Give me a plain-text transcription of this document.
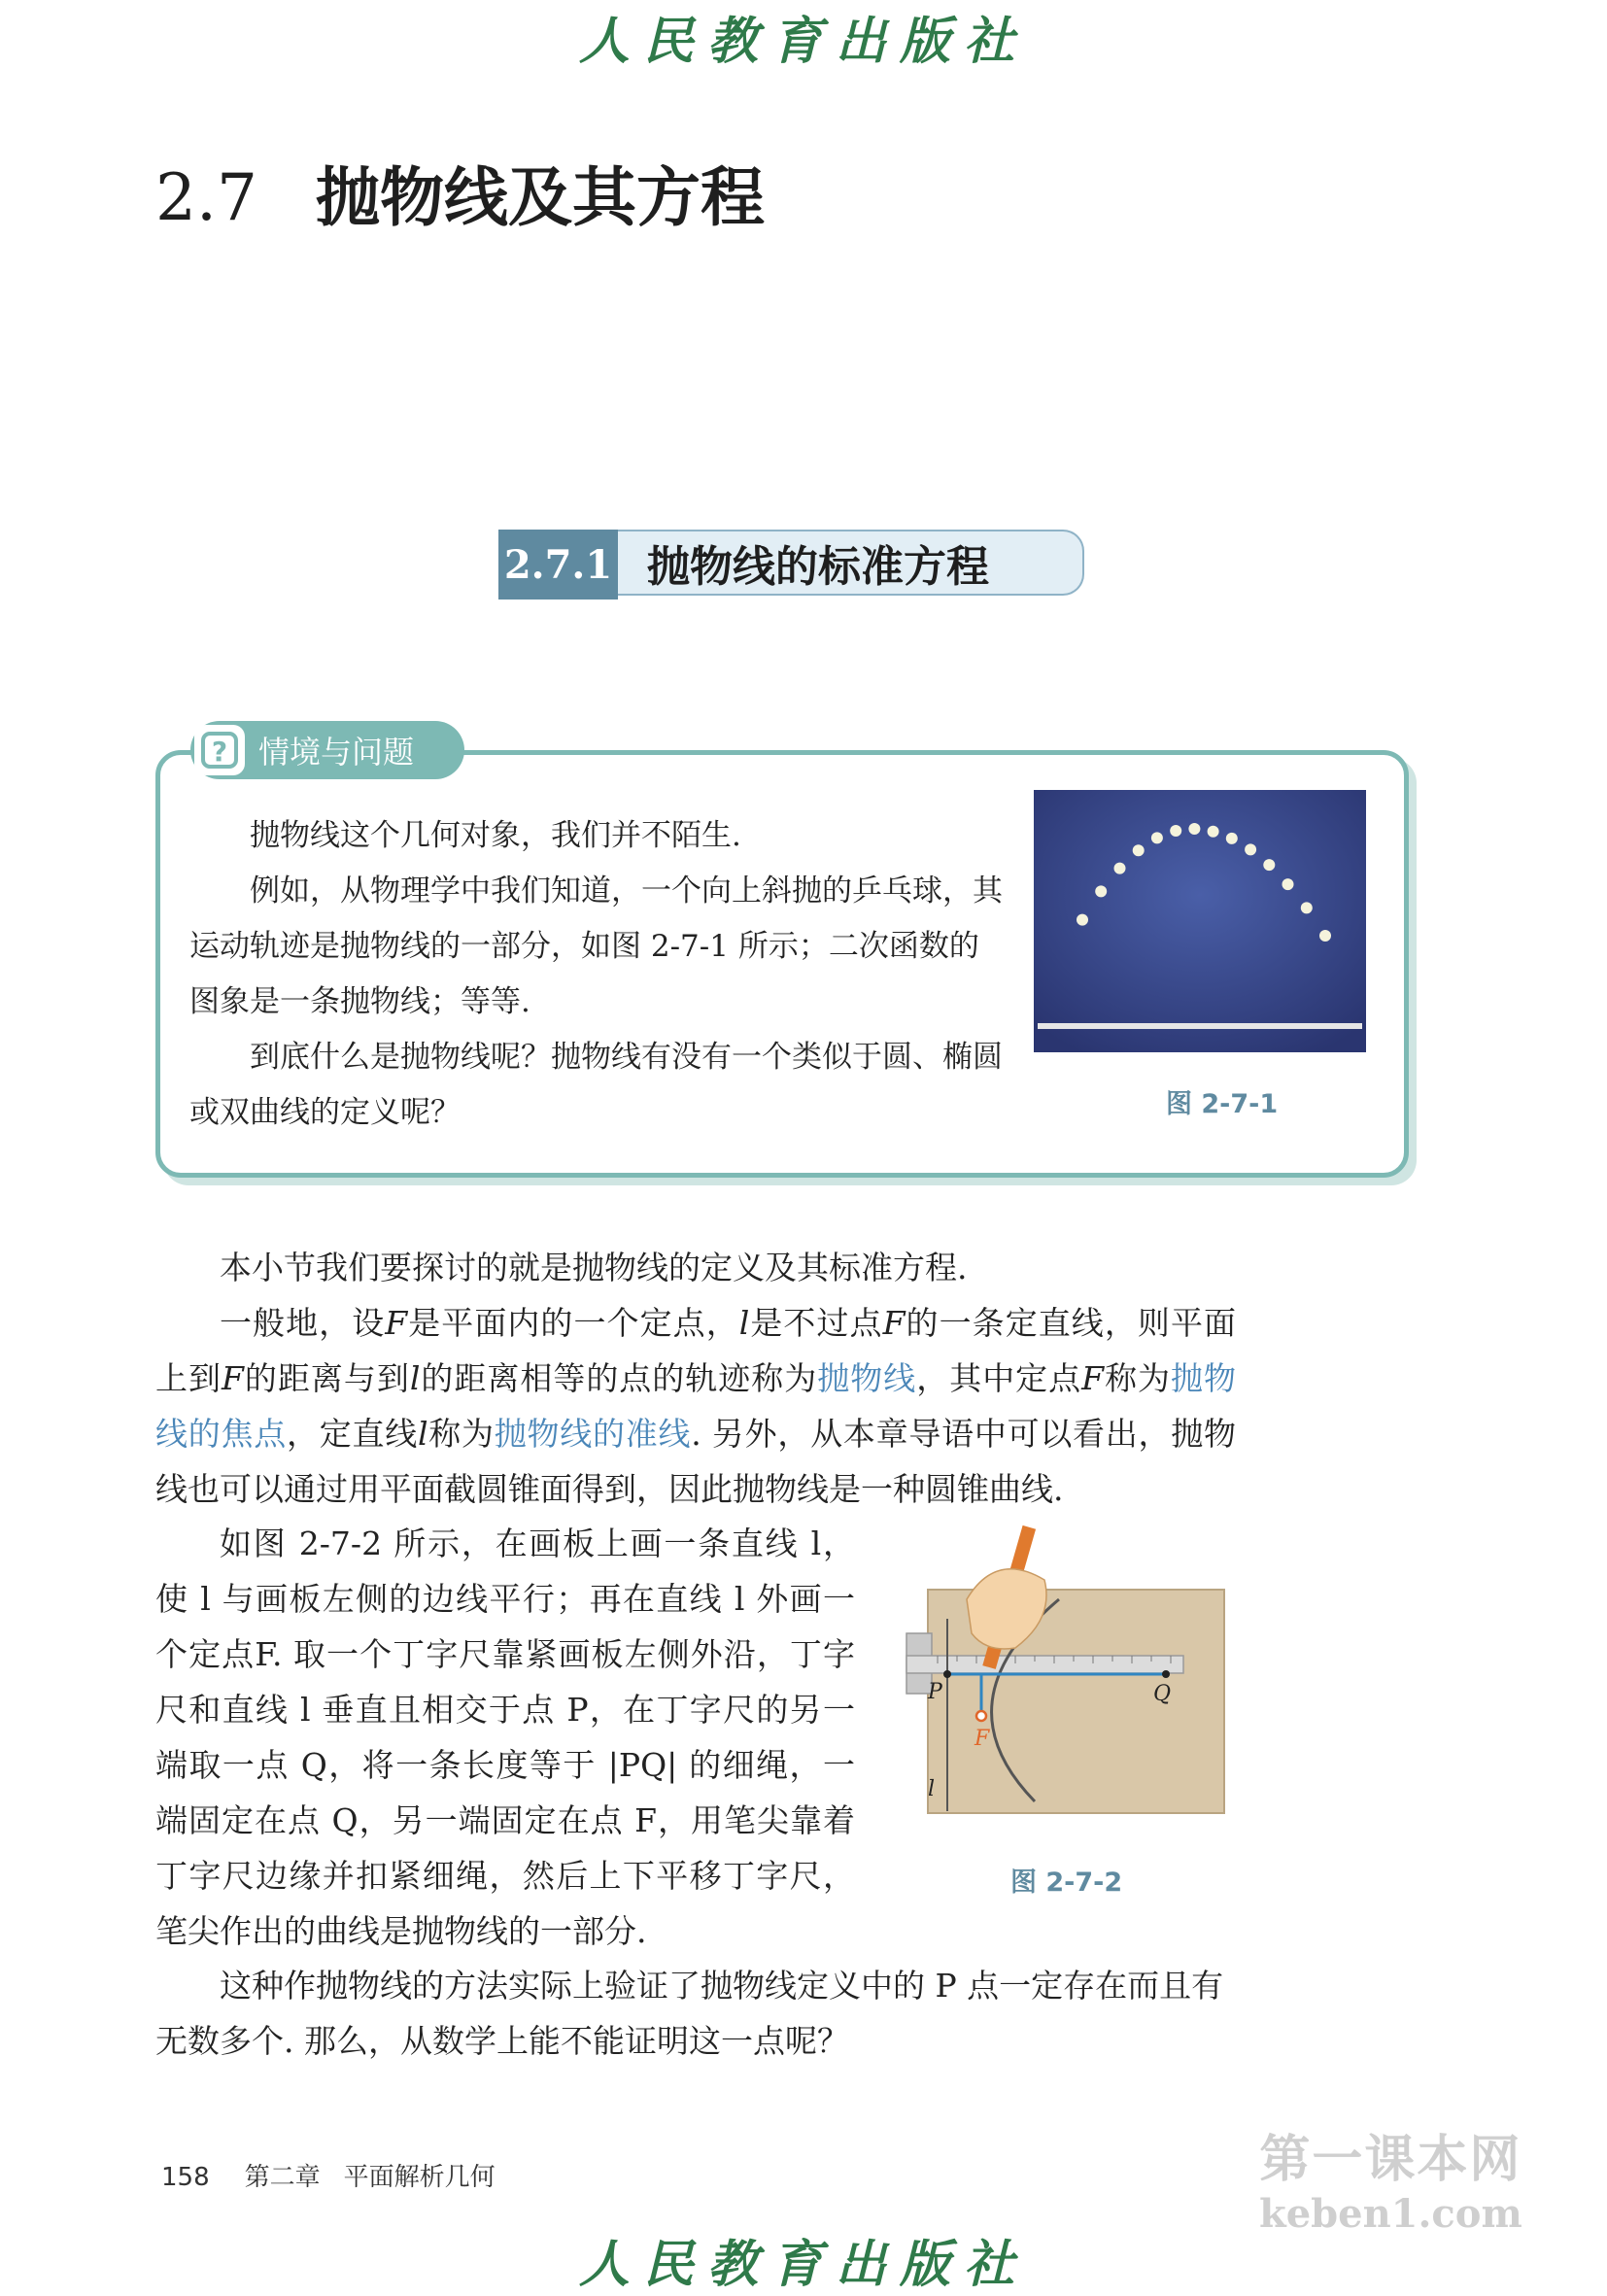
人民教育出版社
2.7 抛物线及其方程
2.7.1 抛物线的标准方程
? 情境与问题

抛物线这个几何对象，我们并不陌生.

例如，从物理学中我们知道，一个向上斜抛的乒乓球，其运动轨迹是抛物线的一部分，如图 2-7-1 所示；二次函数的图象是一条抛物线；等等.

到底什么是抛物线呢？抛物线有没有一个类似于圆、椭圆或双曲线的定义呢？	图 2-7-1

本小节我们要探讨的就是抛物线的定义及其标准方程.

一般地，设F是平面内的一个定点，l是不过点F的一条定直线，则平面上到F的距离与到l的距离相等的点的轨迹称为抛物线，其中定点F称为抛物线的焦点，定直线l称为抛物线的准线. 另外，从本章导语中可以看出，抛物线也可以通过用平面截圆锥面得到，因此抛物线是一种圆锥曲线.

如图 2-7-2 所示，在画板上画一条直线 l，使 l 与画板左侧的边线平行；再在直线 l 外画一个定点F. 取一个丁字尺靠紧画板左侧外沿，丁字尺和直线 l 垂直且相交于点 P，在丁字尺的另一端取一点 Q，将一条长度等于 |PQ| 的细绳，一端固定在点 Q，另一端固定在点 F，用笔尖靠着丁字尺边缘并扣紧细绳，然后上下平移丁字尺，笔尖作出的曲线是抛物线的一部分.

P	Q
F
l
图 2-7-2

这种作抛物线的方法实际上验证了抛物线定义中的 P 点一定存在而且有无数多个. 那么，从数学上能不能证明这一点呢？

158 第二章 平面解析几何	第一课本网
keben1.com
人民教育出版社
